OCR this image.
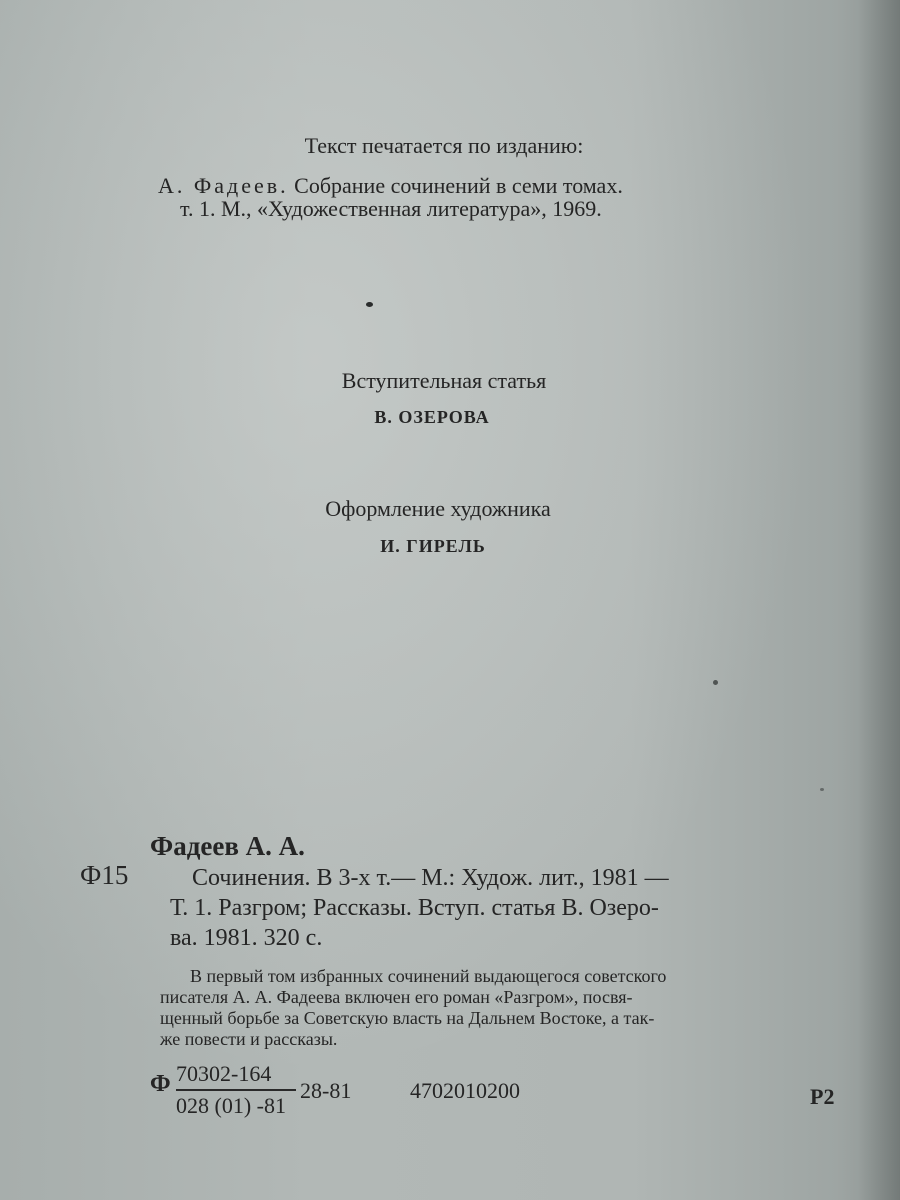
Текст печатается по изданию:
А. Фадеев. Собрание сочинений в семи томах.
т. 1. М., «Художественная литература», 1969.
Вступительная статья
В. ОЗЕРОВА
Оформление художника
И. ГИРЕЛЬ
Фадеев А. А.
Ф15	Сочинения. В 3-х т.— М.: Худож. лит., 1981 —
Т. 1. Разгром; Рассказы. Вступ. статья В. Озеро-
ва. 1981. 320 с.
В первый том избранных сочинений выдающегося советского
писателя А. А. Фадеева включен его роман «Разгром», посвя-
щенный борьбе за Советскую власть на Дальнем Востоке, а так-
же повести и рассказы.
Ф 70302-164
028 (01) -81
28-81	4702010200	Р2
